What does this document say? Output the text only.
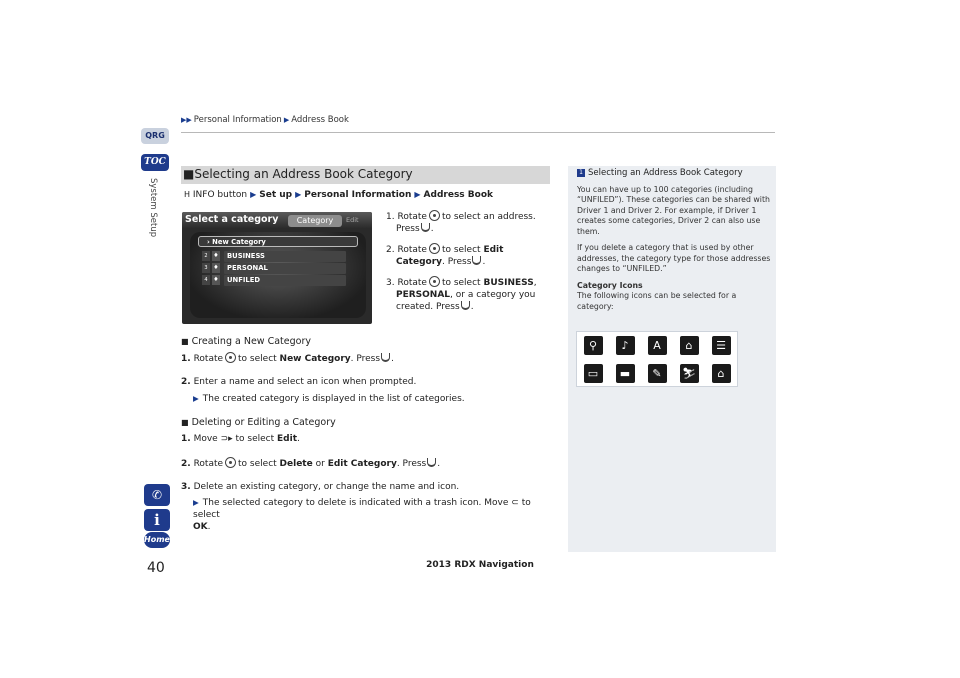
▶▶ Personal Information ▶ Address Book
QRG
TOC
System Setup
✆
i
Home
40
■Selecting an Address Book Category
H INFO button ▶ Set up ▶ Personal Information ▶ Address Book
Select a category	Category	Edit
› New Category
2 ♦	BUSINESS
3 ♦	PERSONAL
4 ♦	UNFILED
1. Rotate to select an address.
Press .
2. Rotate to select Edit Category. Press .
3. Rotate to select BUSINESS, PERSONAL, or a category you created. Press .
■ Creating a New Category
1. Rotate to select New Category. Press .
2. Enter a name and select an icon when prompted.
▶ The created category is displayed in the list of categories.
■ Deleting or Editing a Category
1. Move ⊃▸ to select Edit.
2. Rotate to select Delete or Edit Category. Press .
3. Delete an existing category, or change the name and icon.
▶ The selected category to delete is indicated with a trash icon. Move ⊂ to select
OK.
1 Selecting an Address Book Category
You can have up to 100 categories (including “UNFILED”). These categories can be shared with Driver 1 and Driver 2. For example, if Driver 1 creates some categories, Driver 2 can also use them.
If you delete a category that is used by other addresses, the category type for those addresses changes to “UNFILED.”
Category Icons
The following icons can be selected for a category:
⚲	♪	A	⌂	☰
▭	▬	✎	⛷	⌂
2013 RDX Navigation
